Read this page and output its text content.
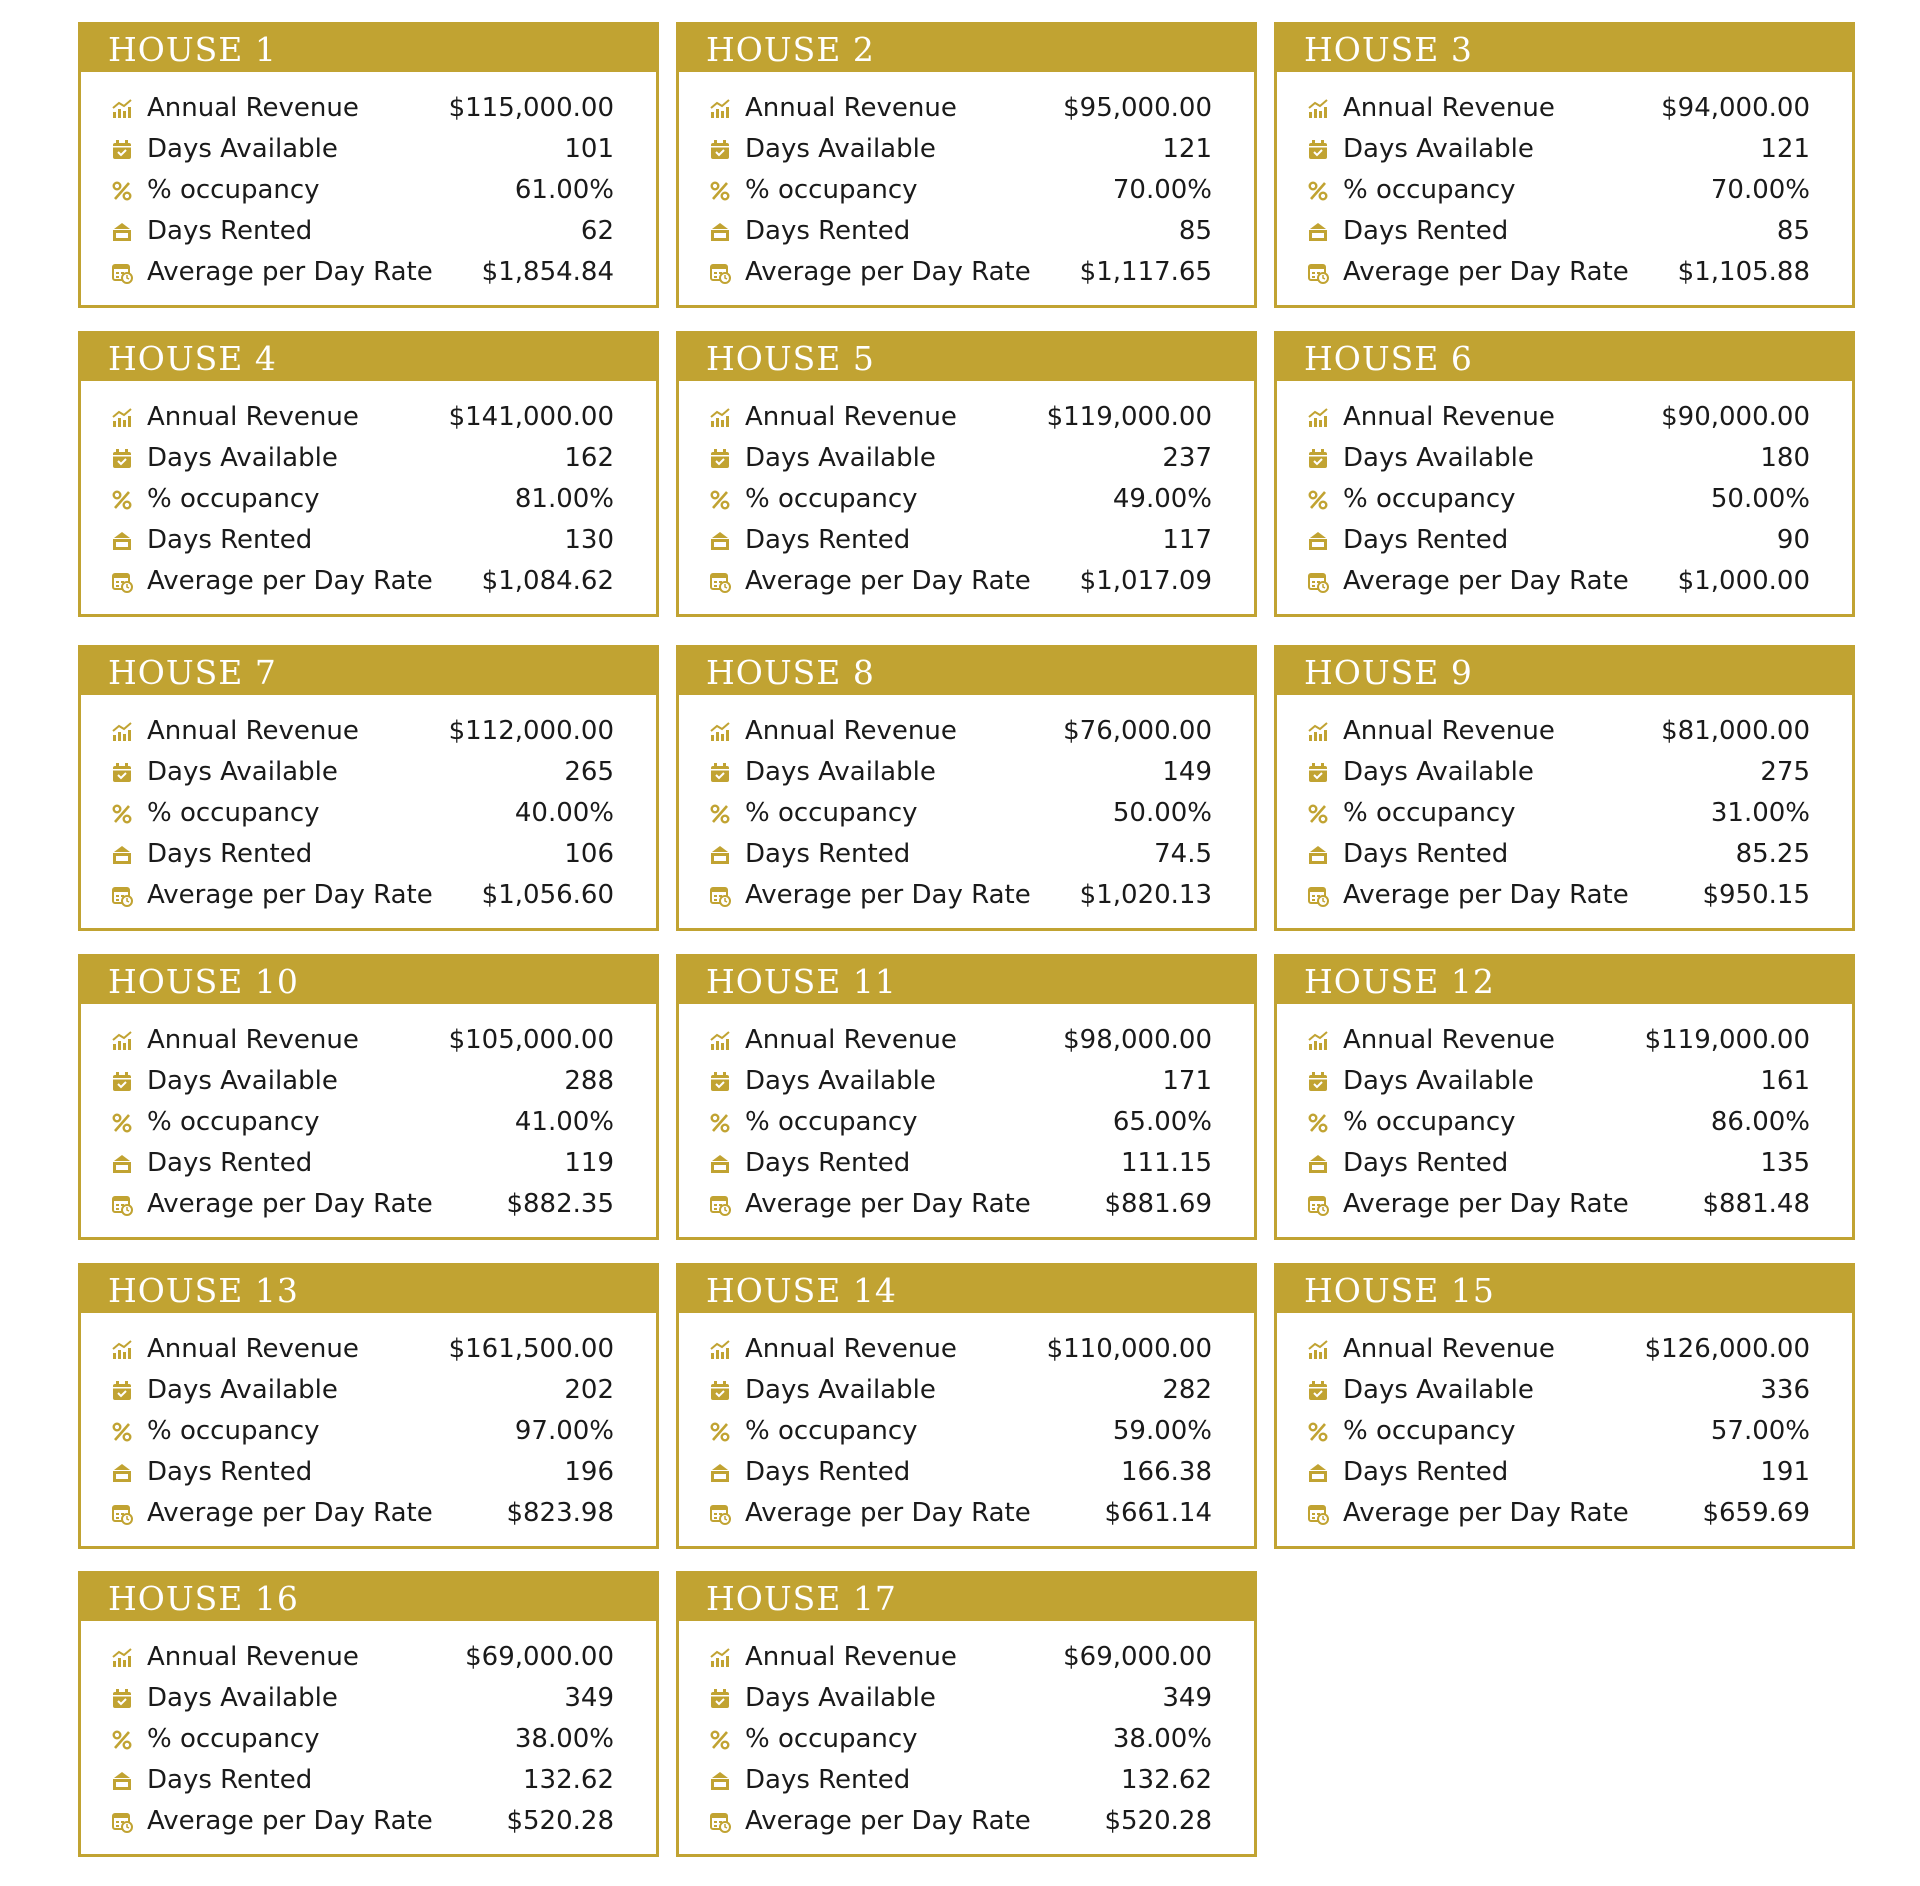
HOUSE 1
Annual Revenue	$115,000.00
Days Available	101
% occupancy	61.00%
Days Rented	62
Average per Day Rate	$1,854.84
HOUSE 2
Annual Revenue	$95,000.00
Days Available	121
% occupancy	70.00%
Days Rented	85
Average per Day Rate	$1,117.65
HOUSE 3
Annual Revenue	$94,000.00
Days Available	121
% occupancy	70.00%
Days Rented	85
Average per Day Rate	$1,105.88
HOUSE 4
Annual Revenue	$141,000.00
Days Available	162
% occupancy	81.00%
Days Rented	130
Average per Day Rate	$1,084.62
HOUSE 5
Annual Revenue	$119,000.00
Days Available	237
% occupancy	49.00%
Days Rented	117
Average per Day Rate	$1,017.09
HOUSE 6
Annual Revenue	$90,000.00
Days Available	180
% occupancy	50.00%
Days Rented	90
Average per Day Rate	$1,000.00
HOUSE 7
Annual Revenue	$112,000.00
Days Available	265
% occupancy	40.00%
Days Rented	106
Average per Day Rate	$1,056.60
HOUSE 8
Annual Revenue	$76,000.00
Days Available	149
% occupancy	50.00%
Days Rented	74.5
Average per Day Rate	$1,020.13
HOUSE 9
Annual Revenue	$81,000.00
Days Available	275
% occupancy	31.00%
Days Rented	85.25
Average per Day Rate	$950.15
HOUSE 10
Annual Revenue	$105,000.00
Days Available	288
% occupancy	41.00%
Days Rented	119
Average per Day Rate	$882.35
HOUSE 11
Annual Revenue	$98,000.00
Days Available	171
% occupancy	65.00%
Days Rented	111.15
Average per Day Rate	$881.69
HOUSE 12
Annual Revenue	$119,000.00
Days Available	161
% occupancy	86.00%
Days Rented	135
Average per Day Rate	$881.48
HOUSE 13
Annual Revenue	$161,500.00
Days Available	202
% occupancy	97.00%
Days Rented	196
Average per Day Rate	$823.98
HOUSE 14
Annual Revenue	$110,000.00
Days Available	282
% occupancy	59.00%
Days Rented	166.38
Average per Day Rate	$661.14
HOUSE 15
Annual Revenue	$126,000.00
Days Available	336
% occupancy	57.00%
Days Rented	191
Average per Day Rate	$659.69
HOUSE 16
Annual Revenue	$69,000.00
Days Available	349
% occupancy	38.00%
Days Rented	132.62
Average per Day Rate	$520.28
HOUSE 17
Annual Revenue	$69,000.00
Days Available	349
% occupancy	38.00%
Days Rented	132.62
Average per Day Rate	$520.28
